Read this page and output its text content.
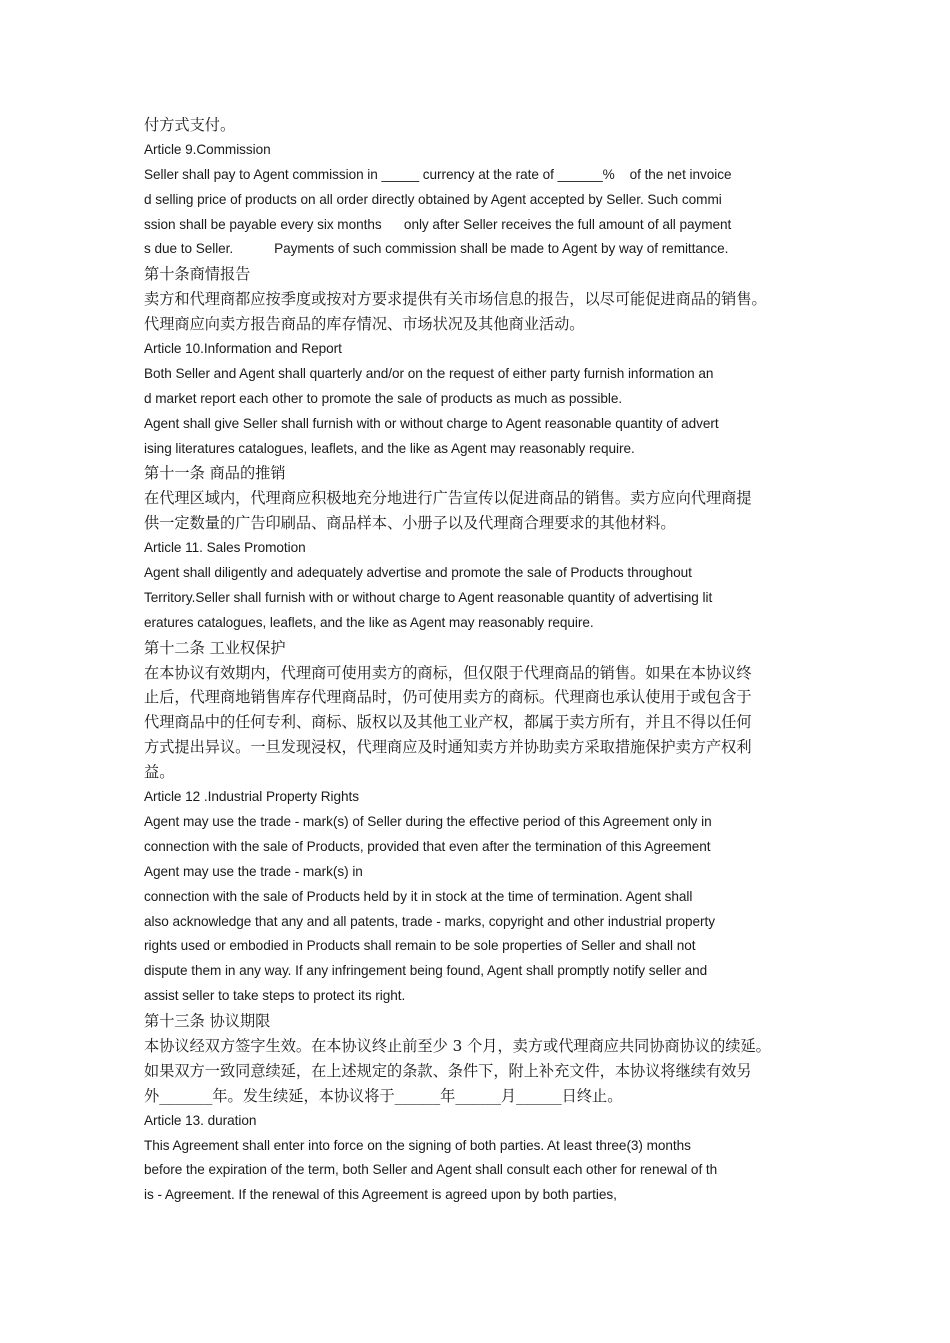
付方式支付。
Article 9.Commission
Seller shall pay to Agent commission in _____ currency at the rate of ______%    of the net invoice
d selling price of products on all order directly obtained by Agent accepted by Seller. Such commi
ssion shall be payable every six months      only after Seller receives the full amount of all payment
s due to Seller.           Payments of such commission shall be made to Agent by way of remittance.
第十条商情报告
卖方和代理商都应按季度或按对方要求提供有关市场信息的报告，以尽可能促进商品的销售。
代理商应向卖方报告商品的库存情况、市场状况及其他商业活动。
Article 10.Information and Report
Both Seller and Agent shall quarterly and/or on the request of either party furnish information an
d market report each other to promote the sale of products as much as possible.
Agent shall give Seller shall furnish with or without charge to Agent reasonable quantity of advert
ising literatures catalogues, leaflets, and the like as Agent may reasonably require.
第十一条 商品的推销
在代理区域内，代理商应积极地充分地进行广告宣传以促进商品的销售。卖方应向代理商提
供一定数量的广告印刷品、商品样本、小册子以及代理商合理要求的其他材料。
Article 11. Sales Promotion
Agent shall diligently and adequately advertise and promote the sale of Products throughout
Territory.Seller shall furnish with or without charge to Agent reasonable quantity of advertising lit
eratures catalogues, leaflets, and the like as Agent may reasonably require.
第十二条 工业权保护
在本协议有效期内，代理商可使用卖方的商标，但仅限于代理商品的销售。如果在本协议终
止后，代理商地销售库存代理商品时，仍可使用卖方的商标。代理商也承认使用于或包含于
代理商品中的任何专利、商标、版权以及其他工业产权，都属于卖方所有，并且不得以任何
方式提出异议。一旦发现浸权，代理商应及时通知卖方并协助卖方采取措施保护卖方产权利
益。
Article 12 .Industrial Property Rights
Agent may use the trade - mark(s) of Seller during the effective period of this Agreement only in
connection with the sale of Products, provided that even after the termination of this Agreement
Agent may use the trade - mark(s) in
connection with the sale of Products held by it in stock at the time of termination. Agent shall
also acknowledge that any and all patents, trade - marks, copyright and other industrial property
rights used or embodied in Products shall remain to be sole properties of Seller and shall not
dispute them in any way. If any infringement being found, Agent shall promptly notify seller and
assist seller to take steps to protect its right.
第十三条 协议期限
本协议经双方签字生效。在本协议终止前至少 3 个月，卖方或代理商应共同协商协议的续延。
如果双方一致同意续延，在上述规定的条款、条件下，附上补充文件，本协议将继续有效另
外_______年。发生续延，本协议将于______年______月______日终止。
Article 13. duration
This Agreement shall enter into force on the signing of both parties. At least three(3) months
before the expiration of the term, both Seller and Agent shall consult each other for renewal of th
is - Agreement. If the renewal of this Agreement is agreed upon by both parties,
